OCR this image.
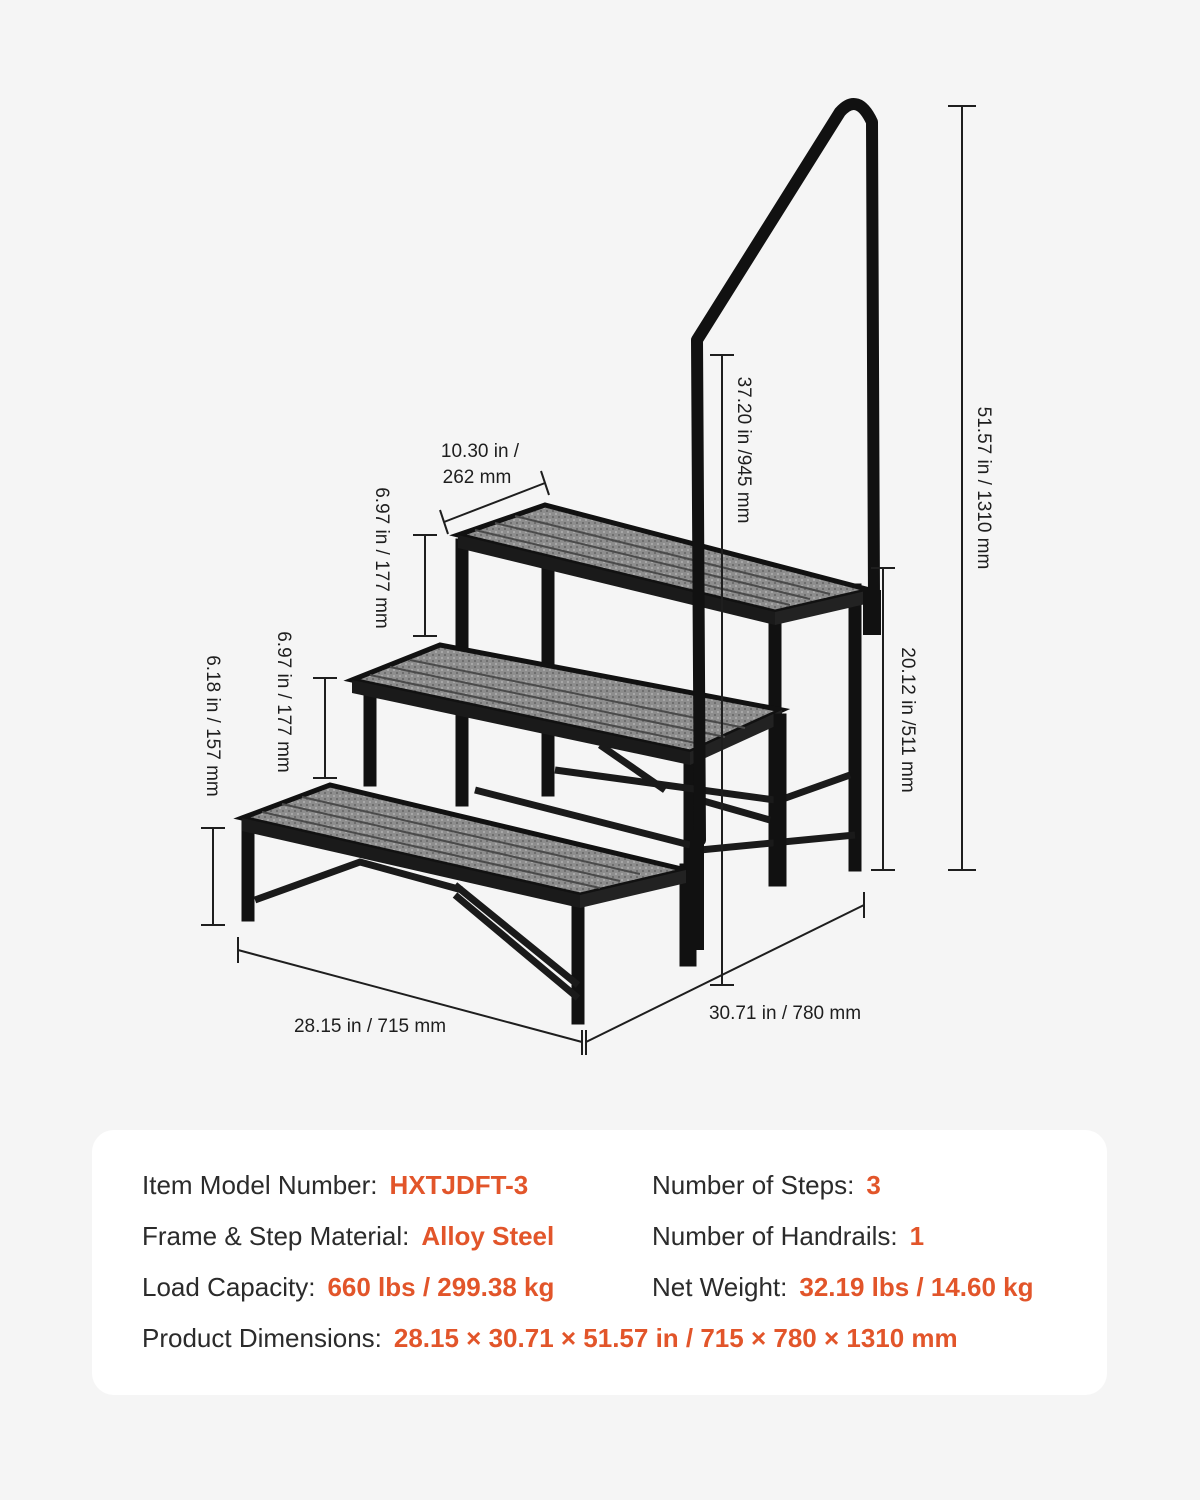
10.30 in /
262 mm
6.97 in / 177 mm
6.97 in / 177 mm
6.18 in / 157 mm
37.20 in /945 mm	51.57 in / 1310 mm
20.12 in /511 mm
28.15 in / 715 mm
30.71 in / 780 mm
Item Model Number: HXTJDFT-3	Number of Steps: 3
Frame & Step Material: Alloy Steel	Number of Handrails: 1
Load Capacity: 660 lbs / 299.38 kg	Net Weight: 32.19 lbs / 14.60 kg
Product Dimensions: 28.15 × 30.71 × 51.57 in / 715 × 780 × 1310 mm
